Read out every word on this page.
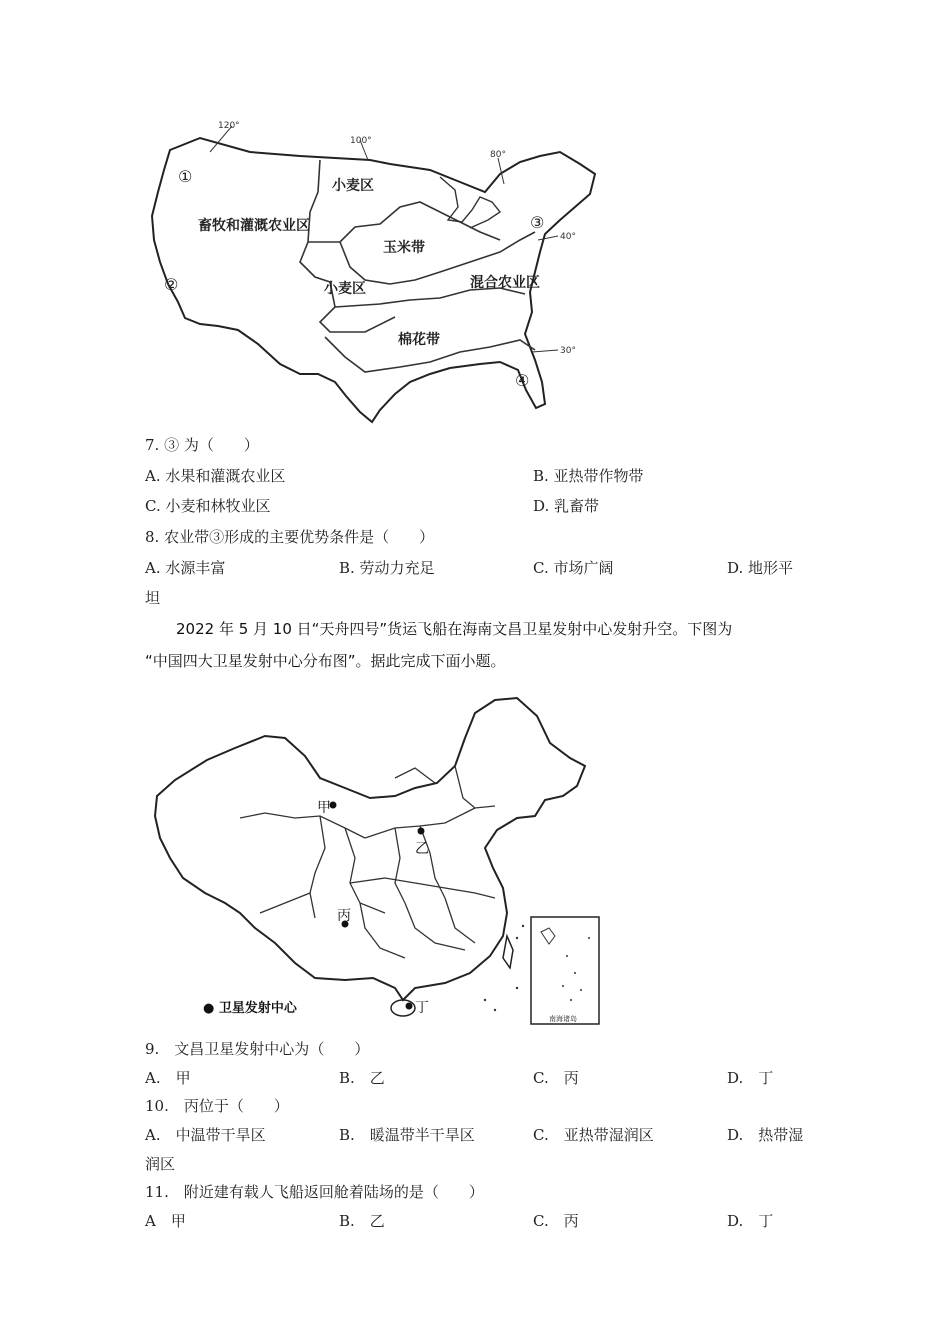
120°
100°
80°
40°
30°
畜牧和灌溉农业区
小麦区
玉米带
小麦区	混合农业区
棉花带
①
②
③
④
7. ③ 为（　　）
A. 水果和灌溉农业区	B. 亚热带作物带
C. 小麦和林牧业区	D. 乳畜带
8. 农业带③形成的主要优势条件是（　　）
A. 水源丰富	B. 劳动力充足	C. 市场广阔	D. 地形平
坦
2022 年 5 月 10 日“天舟四号”货运飞船在海南文昌卫星发射中心发射升空。下图为
“中国四大卫星发射中心分布图”。据此完成下面小题。
甲
乙
丙
丁
● 卫星发射中心
南海诸岛
9.　文昌卫星发射中心为（　　）
A.　甲	B.　乙	C.　丙	D.　丁
10.　丙位于（　　）
A.　中温带干旱区	B.　暖温带半干旱区	C.　亚热带湿润区	D.　热带湿
润区
11.　附近建有载人飞船返回舱着陆场的是（　　）
A　甲	B.　乙	C.　丙	D.　丁
